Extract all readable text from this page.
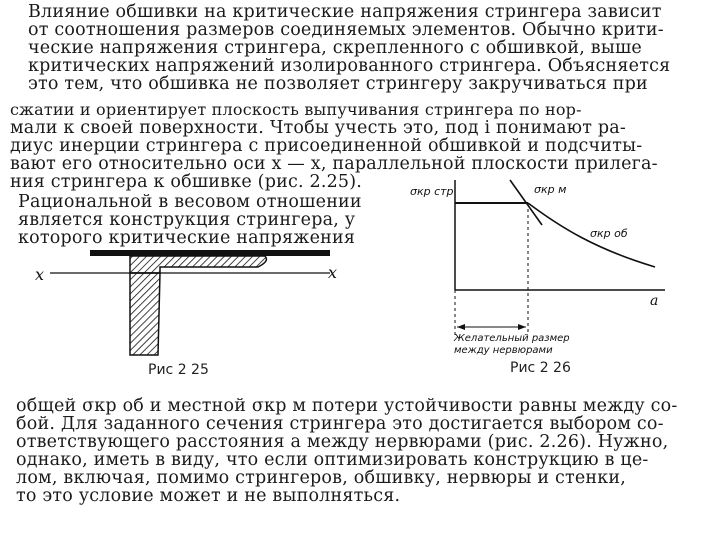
Влияние обшивки на критические напряжения стрингера зависит
от соотношения размеров соединяемых элементов. Обычно крити-
ческие напряжения стрингера, скрепленного с обшивкой, выше
критических напряжений изолированного стрингера. Объясняется
это тем, что обшивка не позволяет стрингеру закручиваться при
сжатии и ориентирует плоскость выпучивания стрингера по нор-
мали к своей поверхности. Чтобы учесть это, под i понимают ра-
диус инерции стрингера с присоединенной обшивкой и подсчиты-
вают его относительно оси x — x, параллельной плоскости прилега-
ния стрингера к обшивке (рис. 2.25).
Рациональной в весовом отношении
является конструкция стрингера, у
которого критические напряжения
x	x
Рис 2 25
σкр стр	σкр м
σкр об
a
Желательный размер
между нервюрами
Рис 2 26
общей σкр об и местной σкр м потери устойчивости равны между со-
бой. Для заданного сечения стрингера это достигается выбором со-
ответствующего расстояния a между нервюрами (рис. 2.26). Нужно,
однако, иметь в виду, что если оптимизировать конструкцию в це-
лом, включая, помимо стрингеров, обшивку, нервюры и стенки,
то это условие может и не выполняться.
